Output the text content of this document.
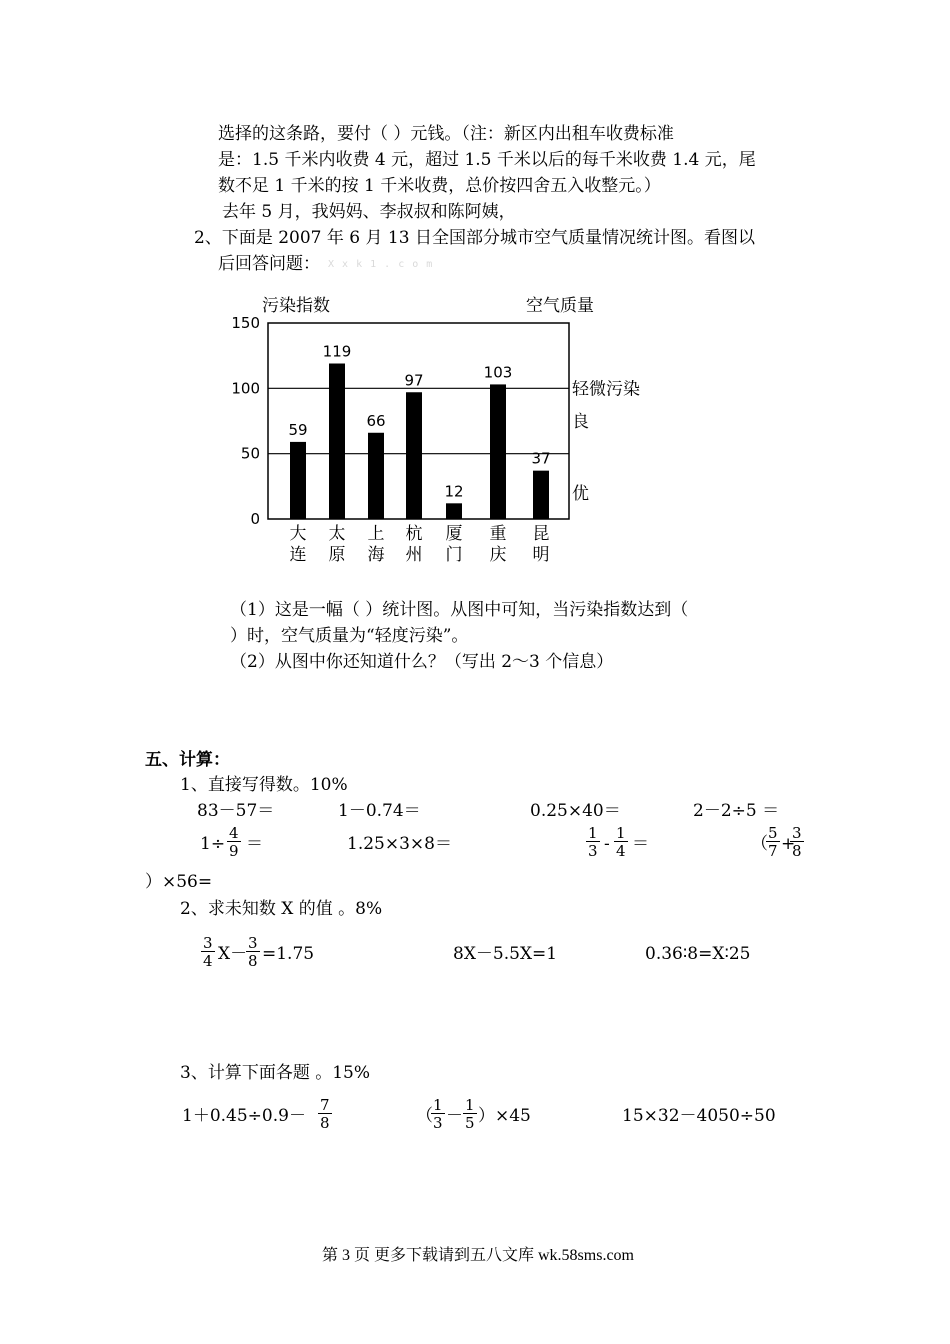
选择的这条路，要付（ ）元钱。（注：新区内出租车收费标准
是：1.5 千米内收费 4 元，超过 1.5 千米以后的每千米收费 1.4 元，尾
数不足 1 千米的按 1 千米收费，总价按四舍五入收整元。）
去年 5 月，我妈妈、李叔叔和陈阿姨，
2、下面是 2007 年 6 月 13 日全国部分城市空气质量情况统计图。看图以
后回答问题： X x k 1 . c o m
0
50
100
150
污染指数	空气质量
轻微污染
良
优
59
大
连
119
太
原
66
上
海
97
杭
州
12
厦
门
103
重
庆
37
昆
明
（1）这是一幅（ ）统计图。从图中可知，当污染指数达到（
）时，空气质量为“轻度污染”。
（2）从图中你还知道什么？（写出 2～3 个信息）
五、计算：
1、直接写得数。10%
83－57＝	1－0.74＝	0.25×40＝	2－2÷5 ＝
$1\div \frac{4}{9}$ ＝	1.25×3×8＝	$\frac{1}{3} - \frac{1}{4}$ ＝	（
$\frac{5}{7}$ +
$\frac{3}{8}$
）×56=
2、求未知数 X 的值 。8%
$\frac{3}{4} X-$
$\frac{3}{8} =1.75$	8X－5.5X=1	0.36∶8=X∶25
3、计算下面各题 。15%
$1+0.45\div 0.9- \frac{7}{8}$	（
$\frac{1}{3} - \frac{1}{5} )\times 45$	15×32－4050÷50
第 3 页 更多下载请到五八文库 wk.58sms.com
